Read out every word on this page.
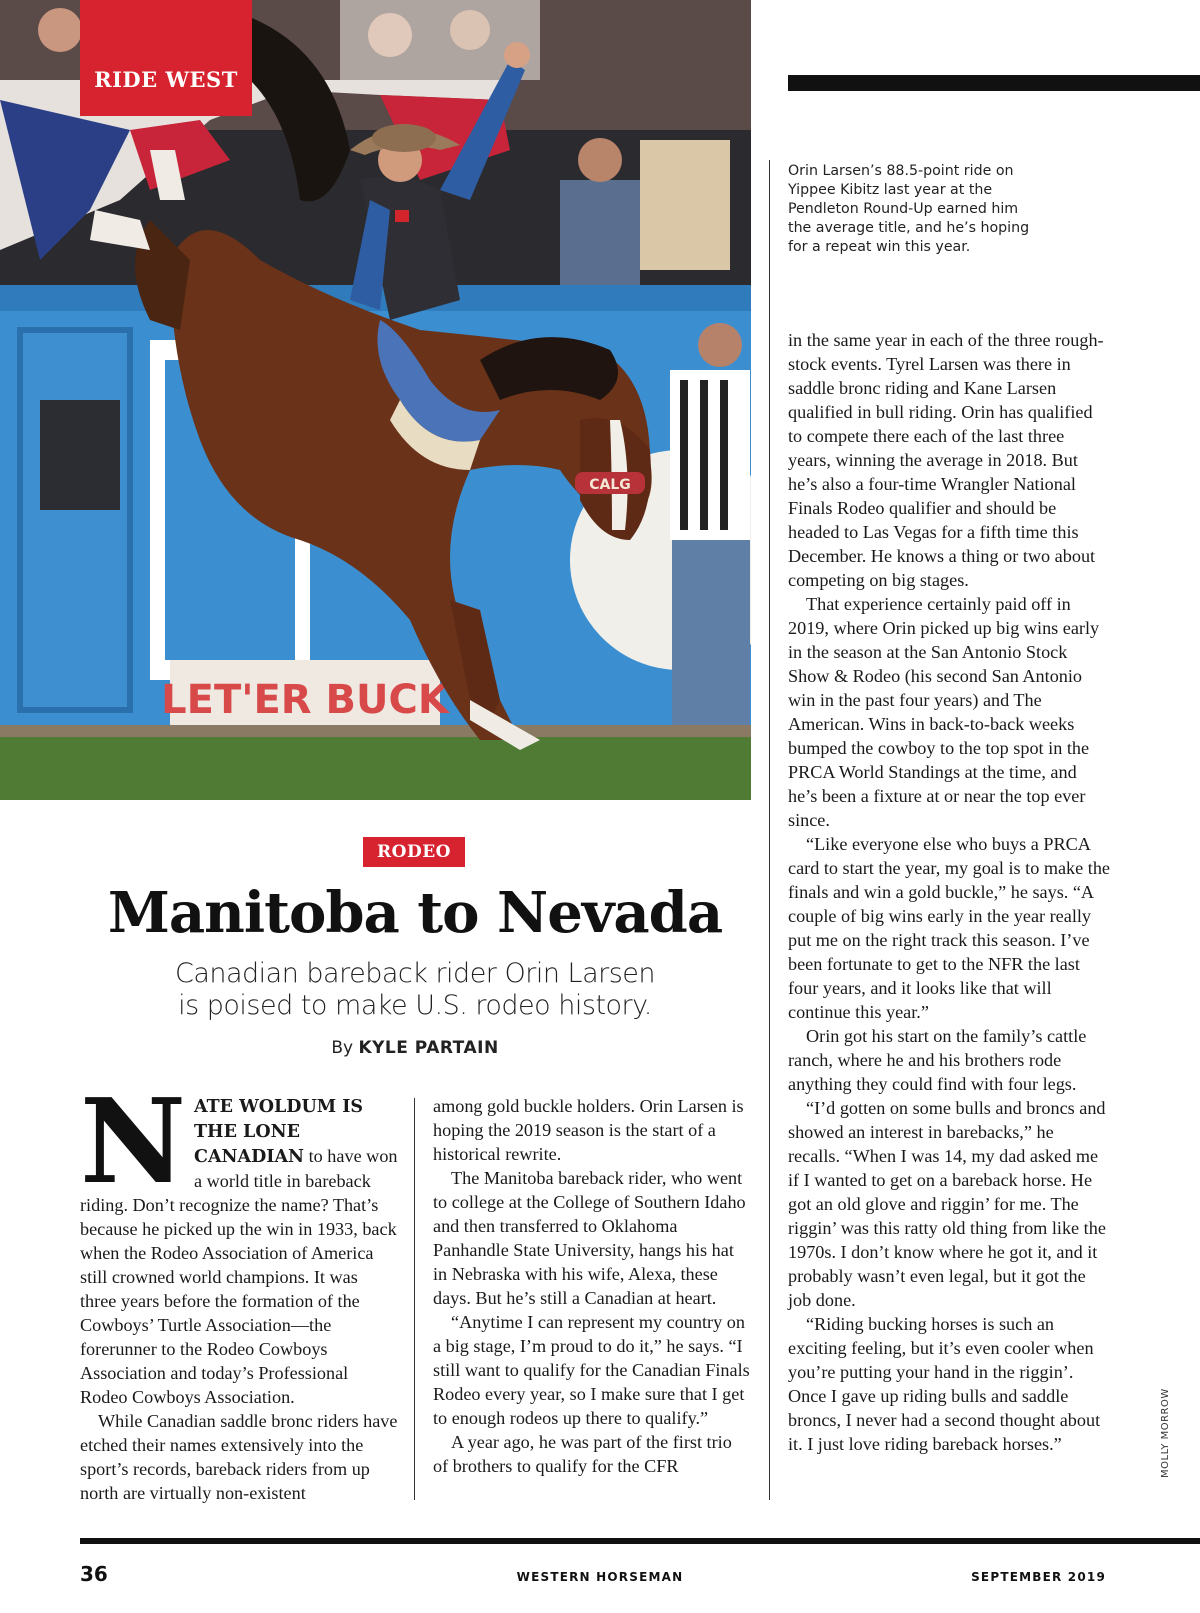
LET'ER BUCK
CALG
RIDE WEST
Orin Larsen’s 88.5-point ride on Yippee Kibitz last year at the Pendleton Round-Up earned him the average title, and he’s hoping for a repeat win this year.
RODEO
Manitoba to Nevada
Canadian bareback rider Orin Larsen
is poised to make U.S. rodeo history.
By KYLE PARTAIN

NATE WOLDUM IS THE LONE CANADIAN to have won a world title in bareback riding. Don’t recognize the name? That’s because he picked up the win in 1933, back when the Rodeo Association of America still crowned world champions. It was three years before the formation of the Cowboys’ Turtle Association—the forerunner to the Rodeo Cowboys Association and today’s Professional Rodeo Cowboys Association.

While Canadian saddle bronc riders have etched their names extensively into the sport’s records, bareback riders from up north are virtually non-existent

among gold buckle holders. Orin Larsen is hoping the 2019 season is the start of a historical rewrite.

The Manitoba bareback rider, who went to college at the College of Southern Idaho and then transferred to Oklahoma Panhandle State University, hangs his hat in Nebraska with his wife, Alexa, these days. But he’s still a Canadian at heart.

“Anytime I can represent my country on a big stage, I’m proud to do it,” he says. “I still want to qualify for the Canadian Finals Rodeo every year, so I make sure that I get to enough rodeos up there to qualify.”

A year ago, he was part of the first trio of brothers to qualify for the CFR

in the same year in each of the three rough-stock events. Tyrel Larsen was there in saddle bronc riding and Kane Larsen qualified in bull riding. Orin has qualified to compete there each of the last three years, winning the average in 2018. But he’s also a four-time Wrangler National Finals Rodeo qualifier and should be headed to Las Vegas for a fifth time this December. He knows a thing or two about competing on big stages.

That experience certainly paid off in 2019, where Orin picked up big wins early in the season at the San Antonio Stock Show & Rodeo (his second San Antonio win in the past four years) and The American. Wins in back-to-back weeks bumped the cowboy to the top spot in the PRCA World Standings at the time, and he’s been a fixture at or near the top ever since.

“Like everyone else who buys a PRCA card to start the year, my goal is to make the finals and win a gold buckle,” he says. “A couple of big wins early in the year really put me on the right track this season. I’ve been fortunate to get to the NFR the last four years, and it looks like that will continue this year.”

Orin got his start on the family’s cattle ranch, where he and his brothers rode anything they could find with four legs.

“I’d gotten on some bulls and broncs and showed an interest in barebacks,” he recalls. “When I was 14, my dad asked me if I wanted to get on a bareback horse. He got an old glove and riggin’ for me. The riggin’ was this ratty old thing from like the 1970s. I don’t know where he got it, and it probably wasn’t even legal, but it got the job done.

“Riding bucking horses is such an exciting feeling, but it’s even cooler when you’re putting your hand in the riggin’. Once I gave up riding bulls and saddle broncs, I never had a second thought about it. I just love riding bareback horses.”	MOLLY MORROW
36	WESTERN HORSEMAN	SEPTEMBER 2019
